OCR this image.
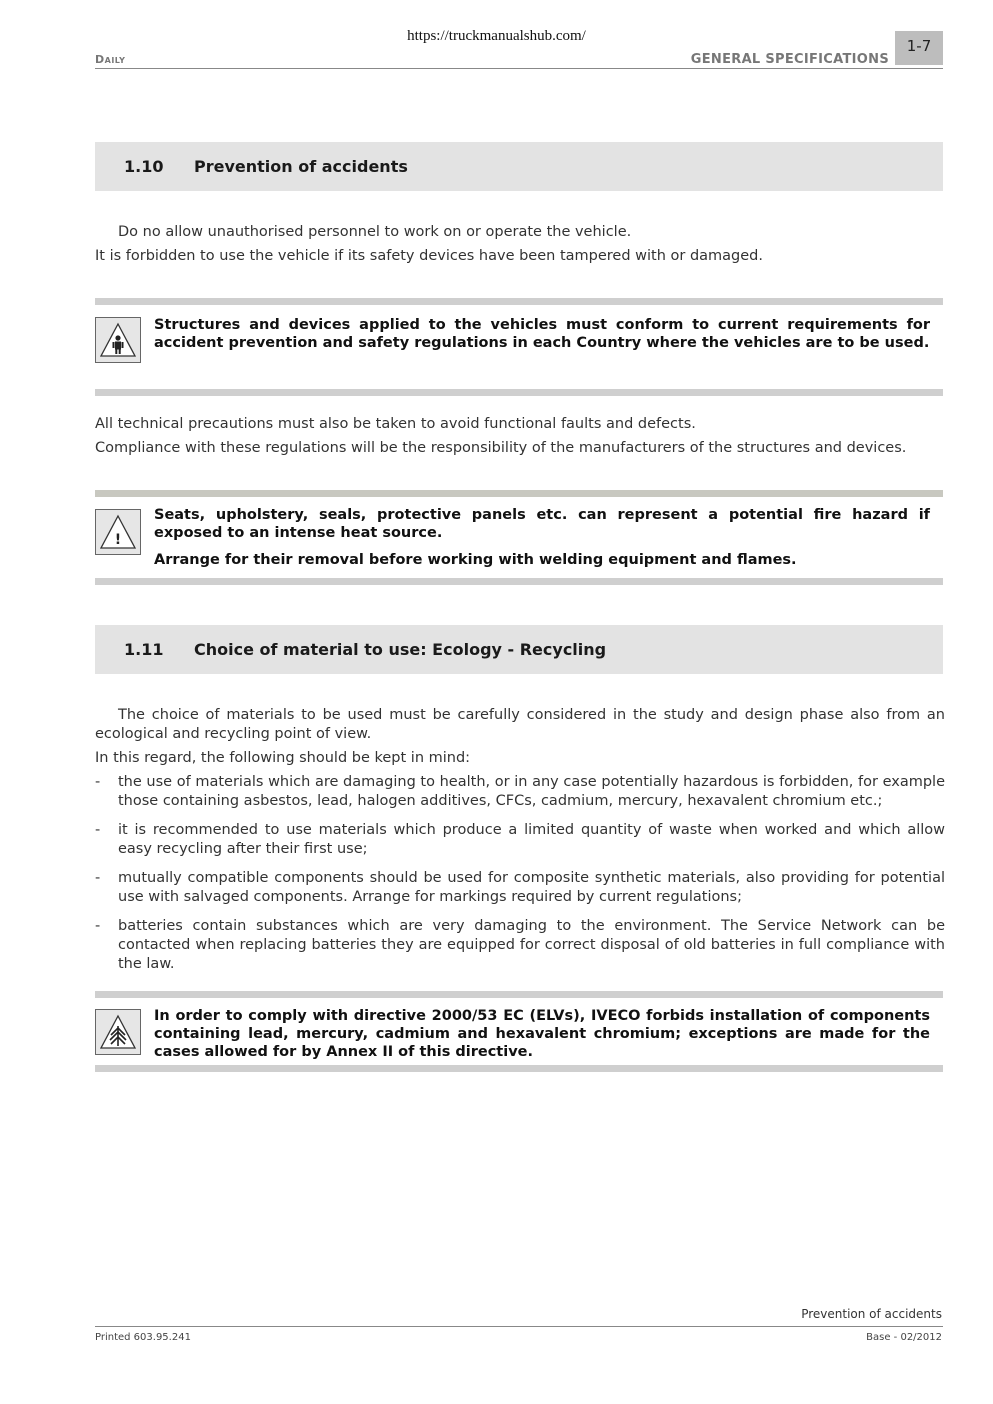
https://truckmanualshub.com/
Daily	GENERAL SPECIFICATIONS
1-7
1.10 Prevention of accidents
Do no allow unauthorised personnel to work on or operate the vehicle.
It is forbidden to use the vehicle if its safety devices have been tampered with or damaged.
Structures and devices applied to the vehicles must conform to current requirements for accident prevention and safety regulations in each Country where the vehicles are to be used.
All technical precautions must also be taken to avoid functional faults and defects.
Compliance with these regulations will be the responsibility of the manufacturers of the structures and devices.
!
Seats, upholstery, seals, protective panels etc. can represent a potential fire hazard if exposed to an intense heat source.
Arrange for their removal before working with welding equipment and flames.
1.11 Choice of material to use: Ecology - Recycling
The choice of materials to be used must be carefully considered in the study and design phase also from an ecological and recycling point of view.
In this regard, the following should be kept in mind:
- the use of materials which are damaging to health, or in any case potentially hazardous is forbidden, for example those containing asbestos, lead, halogen additives, CFCs, cadmium, mercury, hexavalent chromium etc.;
- it is recommended to use materials which produce a limited quantity of waste when worked and which allow easy recycling after their first use;
- mutually compatible components should be used for composite synthetic materials, also providing for potential use with salvaged components. Arrange for markings required by current regulations;
- batteries contain substances which are very damaging to the environment. The Service Network can be contacted when replacing batteries they are equipped for correct disposal of old batteries in full compliance with the law.
In order to comply with directive 2000/53 EC (ELVs), IVECO forbids installation of components containing lead, mercury, cadmium and hexavalent chromium; exceptions are made for the cases allowed for by Annex II of this directive.
Prevention of accidents
Printed 603.95.241	Base - 02/2012
